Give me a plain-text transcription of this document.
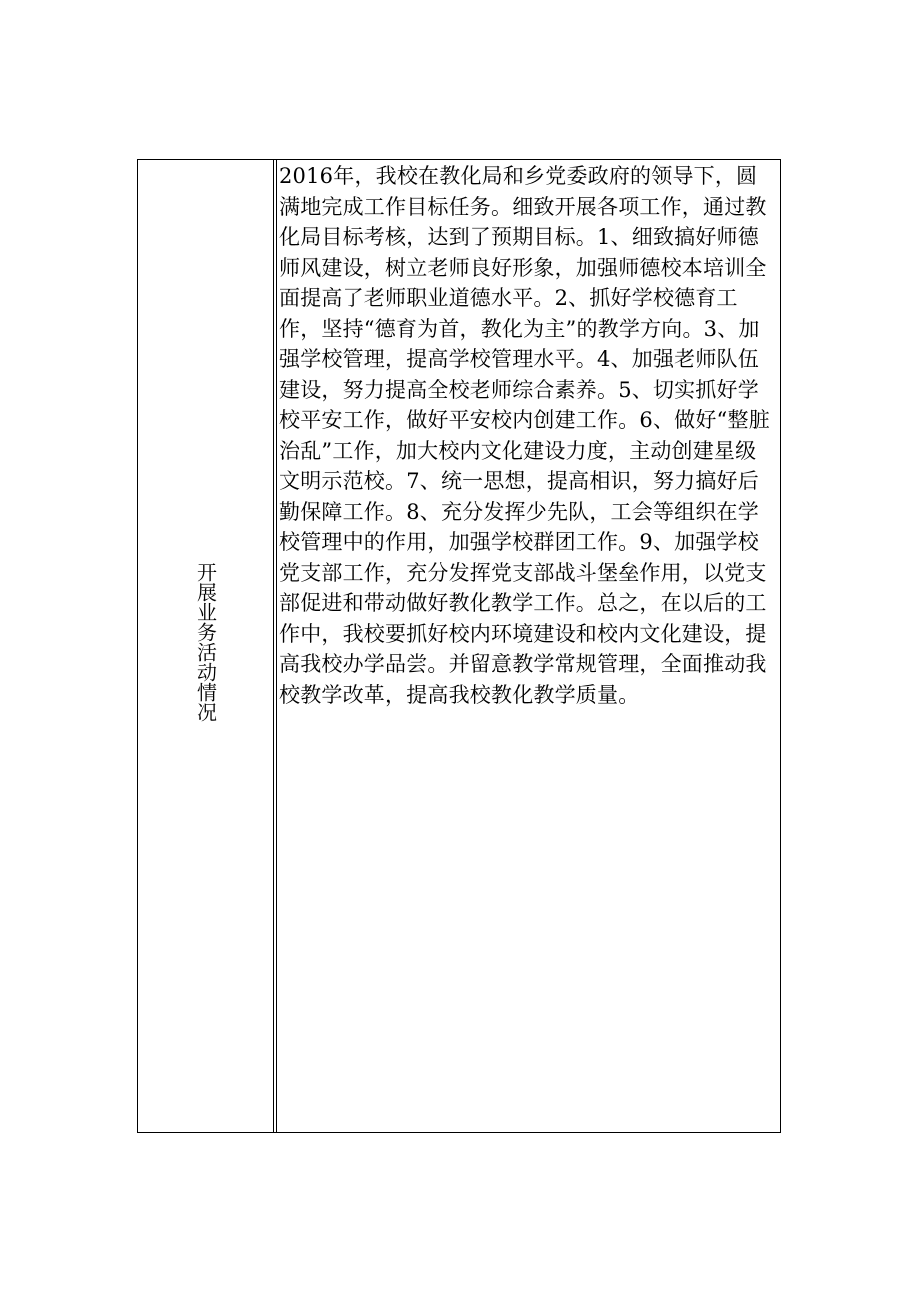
开展业务活动情况

2016年，我校在教化局和乡党委政府的领导下，圆满地完成工作目标任务。细致开展各项工作，通过教化局目标考核，达到了预期目标。1、细致搞好师德师风建设，树立老师良好形象，加强师德校本培训全面提高了老师职业道德水平。2、抓好学校德育工作，坚持“德育为首，教化为主”的教学方向。3、加强学校管理，提高学校管理水平。4、加强老师队伍建设，努力提高全校老师综合素养。5、切实抓好学校平安工作，做好平安校内创建工作。6、做好“整脏治乱”工作，加大校内文化建设力度，主动创建星级文明示范校。7、统一思想，提高相识，努力搞好后勤保障工作。8、充分发挥少先队，工会等组织在学校管理中的作用，加强学校群团工作。9、加强学校党支部工作，充分发挥党支部战斗堡垒作用，以党支部促进和带动做好教化教学工作。总之，在以后的工作中，我校要抓好校内环境建设和校内文化建设，提高我校办学品尝。并留意教学常规管理，全面推动我校教学改革，提高我校教化教学质量。
